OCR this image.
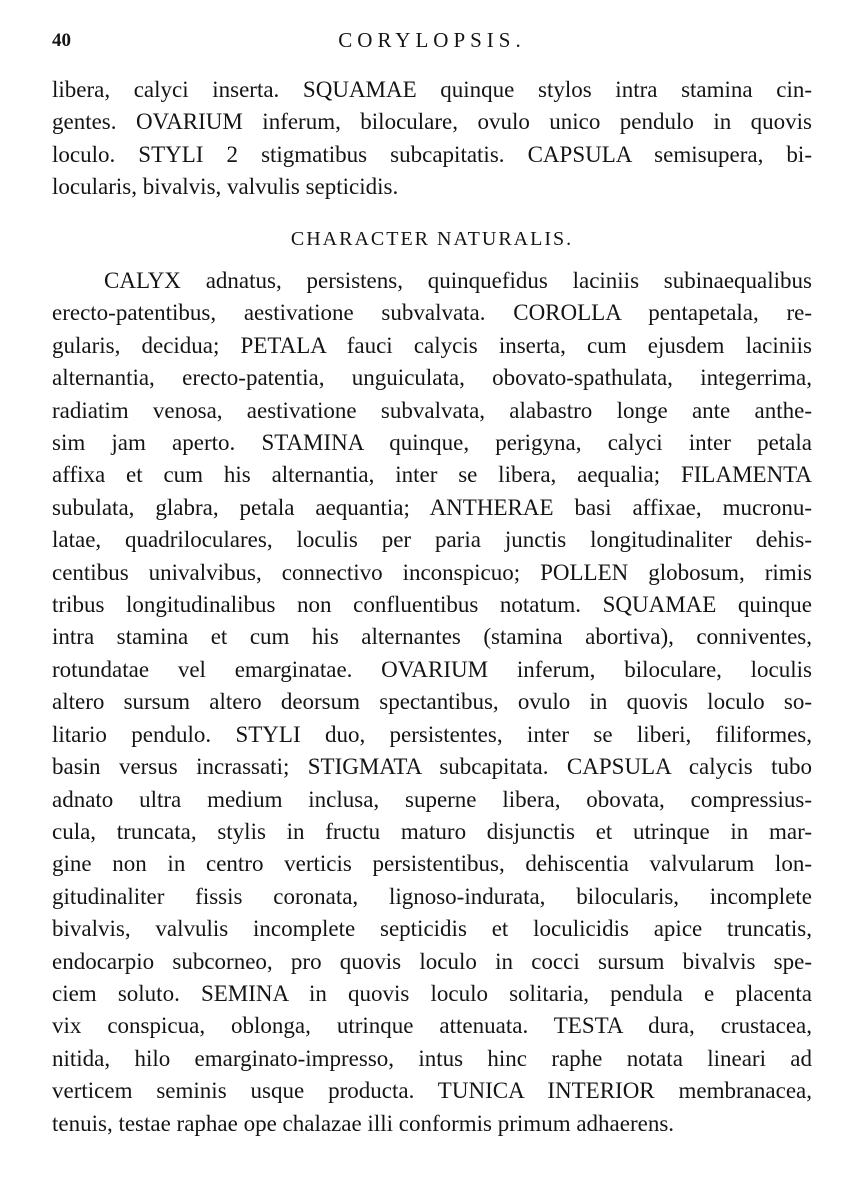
40	CORYLOPSIS.
libera, calyci inserta. SQUAMAE quinque stylos intra stamina cin-
gentes. OVARIUM inferum, biloculare, ovulo unico pendulo in quovis
loculo. STYLI 2 stigmatibus subcapitatis. CAPSULA semisupera, bi-
locularis, bivalvis, valvulis septicidis.
CHARACTER NATURALIS.
CALYX adnatus, persistens, quinquefidus laciniis subinaequalibus
erecto-patentibus, aestivatione subvalvata. COROLLA pentapetala, re-
gularis, decidua; PETALA fauci calycis inserta, cum ejusdem laciniis
alternantia, erecto-patentia, unguiculata, obovato-spathulata, integerrima,
radiatim venosa, aestivatione subvalvata, alabastro longe ante anthe-
sim jam aperto. STAMINA quinque, perigyna, calyci inter petala
affixa et cum his alternantia, inter se libera, aequalia; FILAMENTA
subulata, glabra, petala aequantia; ANTHERAE basi affixae, mucronu-
latae, quadriloculares, loculis per paria junctis longitudinaliter dehis-
centibus univalvibus, connectivo inconspicuo; POLLEN globosum, rimis
tribus longitudinalibus non confluentibus notatum. SQUAMAE quinque
intra stamina et cum his alternantes (stamina abortiva), conniventes,
rotundatae vel emarginatae. OVARIUM inferum, biloculare, loculis
altero sursum altero deorsum spectantibus, ovulo in quovis loculo so-
litario pendulo. STYLI duo, persistentes, inter se liberi, filiformes,
basin versus incrassati; STIGMATA subcapitata. CAPSULA calycis tubo
adnato ultra medium inclusa, superne libera, obovata, compressius-
cula, truncata, stylis in fructu maturo disjunctis et utrinque in mar-
gine non in centro verticis persistentibus, dehiscentia valvularum lon-
gitudinaliter fissis coronata, lignoso-indurata, bilocularis, incomplete
bivalvis, valvulis incomplete septicidis et loculicidis apice truncatis,
endocarpio subcorneo, pro quovis loculo in cocci sursum bivalvis spe-
ciem soluto. SEMINA in quovis loculo solitaria, pendula e placenta
vix conspicua, oblonga, utrinque attenuata. TESTA dura, crustacea,
nitida, hilo emarginato-impresso, intus hinc raphe notata lineari ad
verticem seminis usque producta. TUNICA INTERIOR membranacea,
tenuis, testae raphae ope chalazae illi conformis primum adhaerens.
